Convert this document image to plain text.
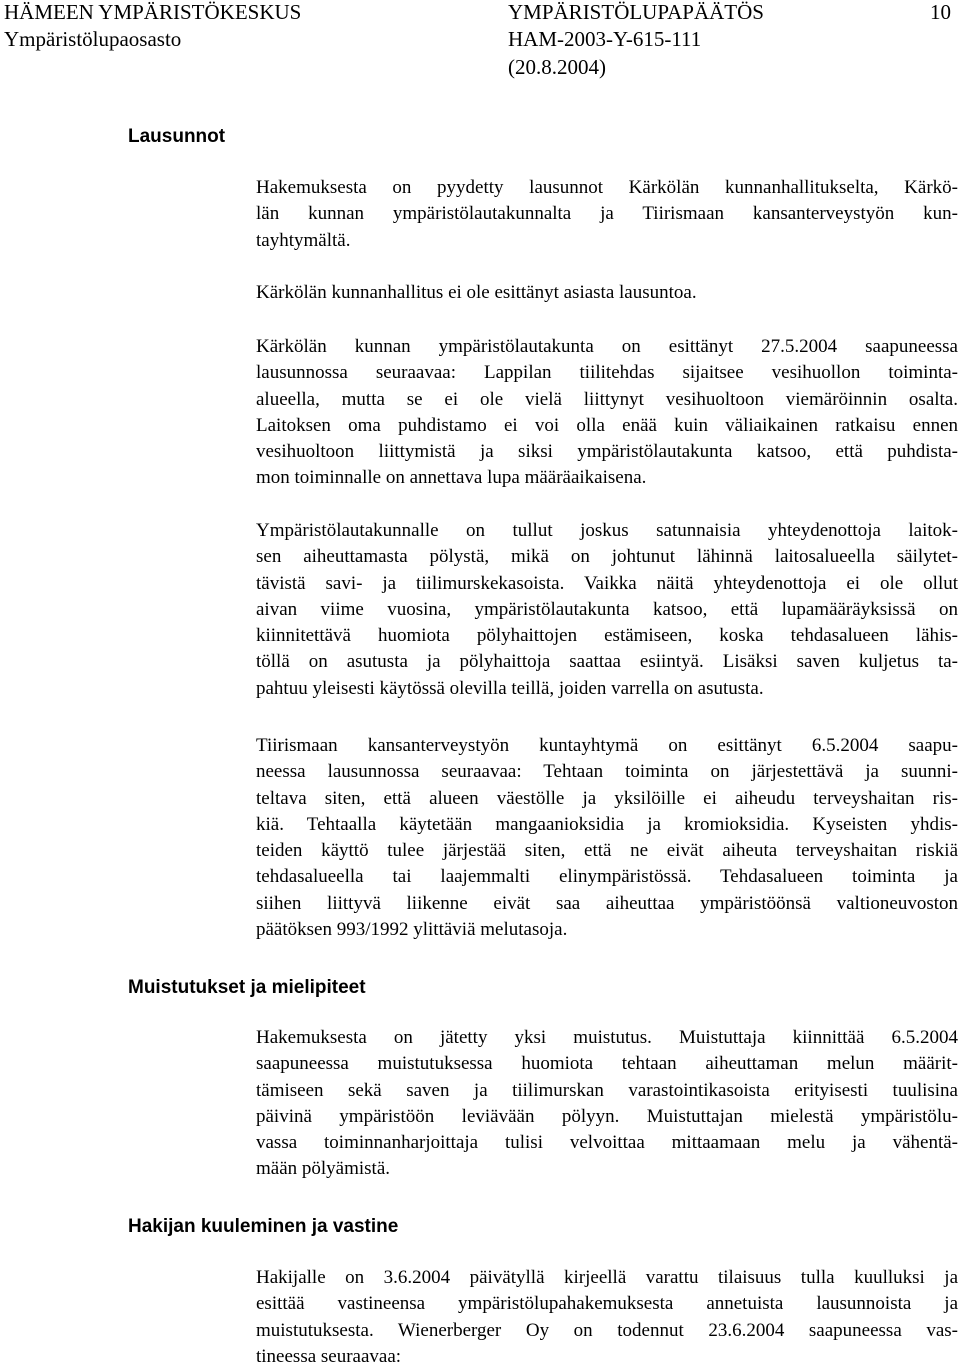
HÄMEEN YMPÄRISTÖKESKUS
Ympäristölupaosasto
YMPÄRISTÖLUPAPÄÄTÖS
HAM-2003-Y-615-111
(20.8.2004)
10
Lausunnot
Muistutukset ja mielipiteet
Hakijan kuuleminen ja vastine
Hakemuksesta on pyydetty lausunnot Kärkölän kunnanhallitukselta, Kärkö-
län kunnan ympäristölautakunnalta ja Tiirismaan kansanterveystyön kun-
tayhtymältä.
Kärkölän kunnanhallitus ei ole esittänyt asiasta lausuntoa.
Kärkölän kunnan ympäristölautakunta on esittänyt 27.5.2004 saapuneessa
lausunnossa seuraavaa: Lappilan tiilitehdas sijaitsee vesihuollon toiminta-
alueella, mutta se ei ole vielä liittynyt vesihuoltoon viemäröinnin osalta.
Laitoksen oma puhdistamo ei voi olla enää kuin väliaikainen ratkaisu ennen
vesihuoltoon liittymistä ja siksi ympäristölautakunta katsoo, että puhdista-
mon toiminnalle on annettava lupa määräaikaisena.
Ympäristölautakunnalle on tullut joskus satunnaisia yhteydenottoja laitok-
sen aiheuttamasta pölystä, mikä on johtunut lähinnä laitosalueella säilytet-
tävistä savi- ja tiilimurskekasoista. Vaikka näitä yhteydenottoja ei ole ollut
aivan viime vuosina, ympäristölautakunta katsoo, että lupamääräyksissä on
kiinnitettävä huomiota pölyhaittojen estämiseen, koska tehdasalueen lähis-
töllä on asutusta ja pölyhaittoja saattaa esiintyä. Lisäksi saven kuljetus ta-
pahtuu yleisesti käytössä olevilla teillä, joiden varrella on asutusta.
Tiirismaan kansanterveystyön kuntayhtymä on esittänyt 6.5.2004 saapu-
neessa lausunnossa seuraavaa: Tehtaan toiminta on järjestettävä ja suunni-
teltava siten, että alueen väestölle ja yksilöille ei aiheudu terveyshaitan ris-
kiä. Tehtaalla käytetään mangaanioksidia ja kromioksidia. Kyseisten yhdis-
teiden käyttö tulee järjestää siten, että ne eivät aiheuta terveyshaitan riskiä
tehdasalueella tai laajemmalti elinympäristössä. Tehdasalueen toiminta ja
siihen liittyvä liikenne eivät saa aiheuttaa ympäristöönsä valtioneuvoston
päätöksen 993/1992 ylittäviä melutasoja.
Hakemuksesta on jätetty yksi muistutus. Muistuttaja kiinnittää 6.5.2004
saapuneessa muistutuksessa huomiota tehtaan aiheuttaman melun määrit-
tämiseen sekä saven ja tiilimurskan varastointikasoista erityisesti tuulisina
päivinä ympäristöön leviävään pölyyn. Muistuttajan mielestä ympäristölu-
vassa toiminnanharjoittaja tulisi velvoittaa mittaamaan melu ja vähentä-
mään pölyämistä.
Hakijalle on 3.6.2004 päivätyllä kirjeellä varattu tilaisuus tulla kuulluksi ja
esittää vastineensa ympäristölupahakemuksesta annetuista lausunnoista ja
muistutuksesta. Wienerberger Oy on todennut 23.6.2004 saapuneessa vas-
tineessa seuraavaa:
